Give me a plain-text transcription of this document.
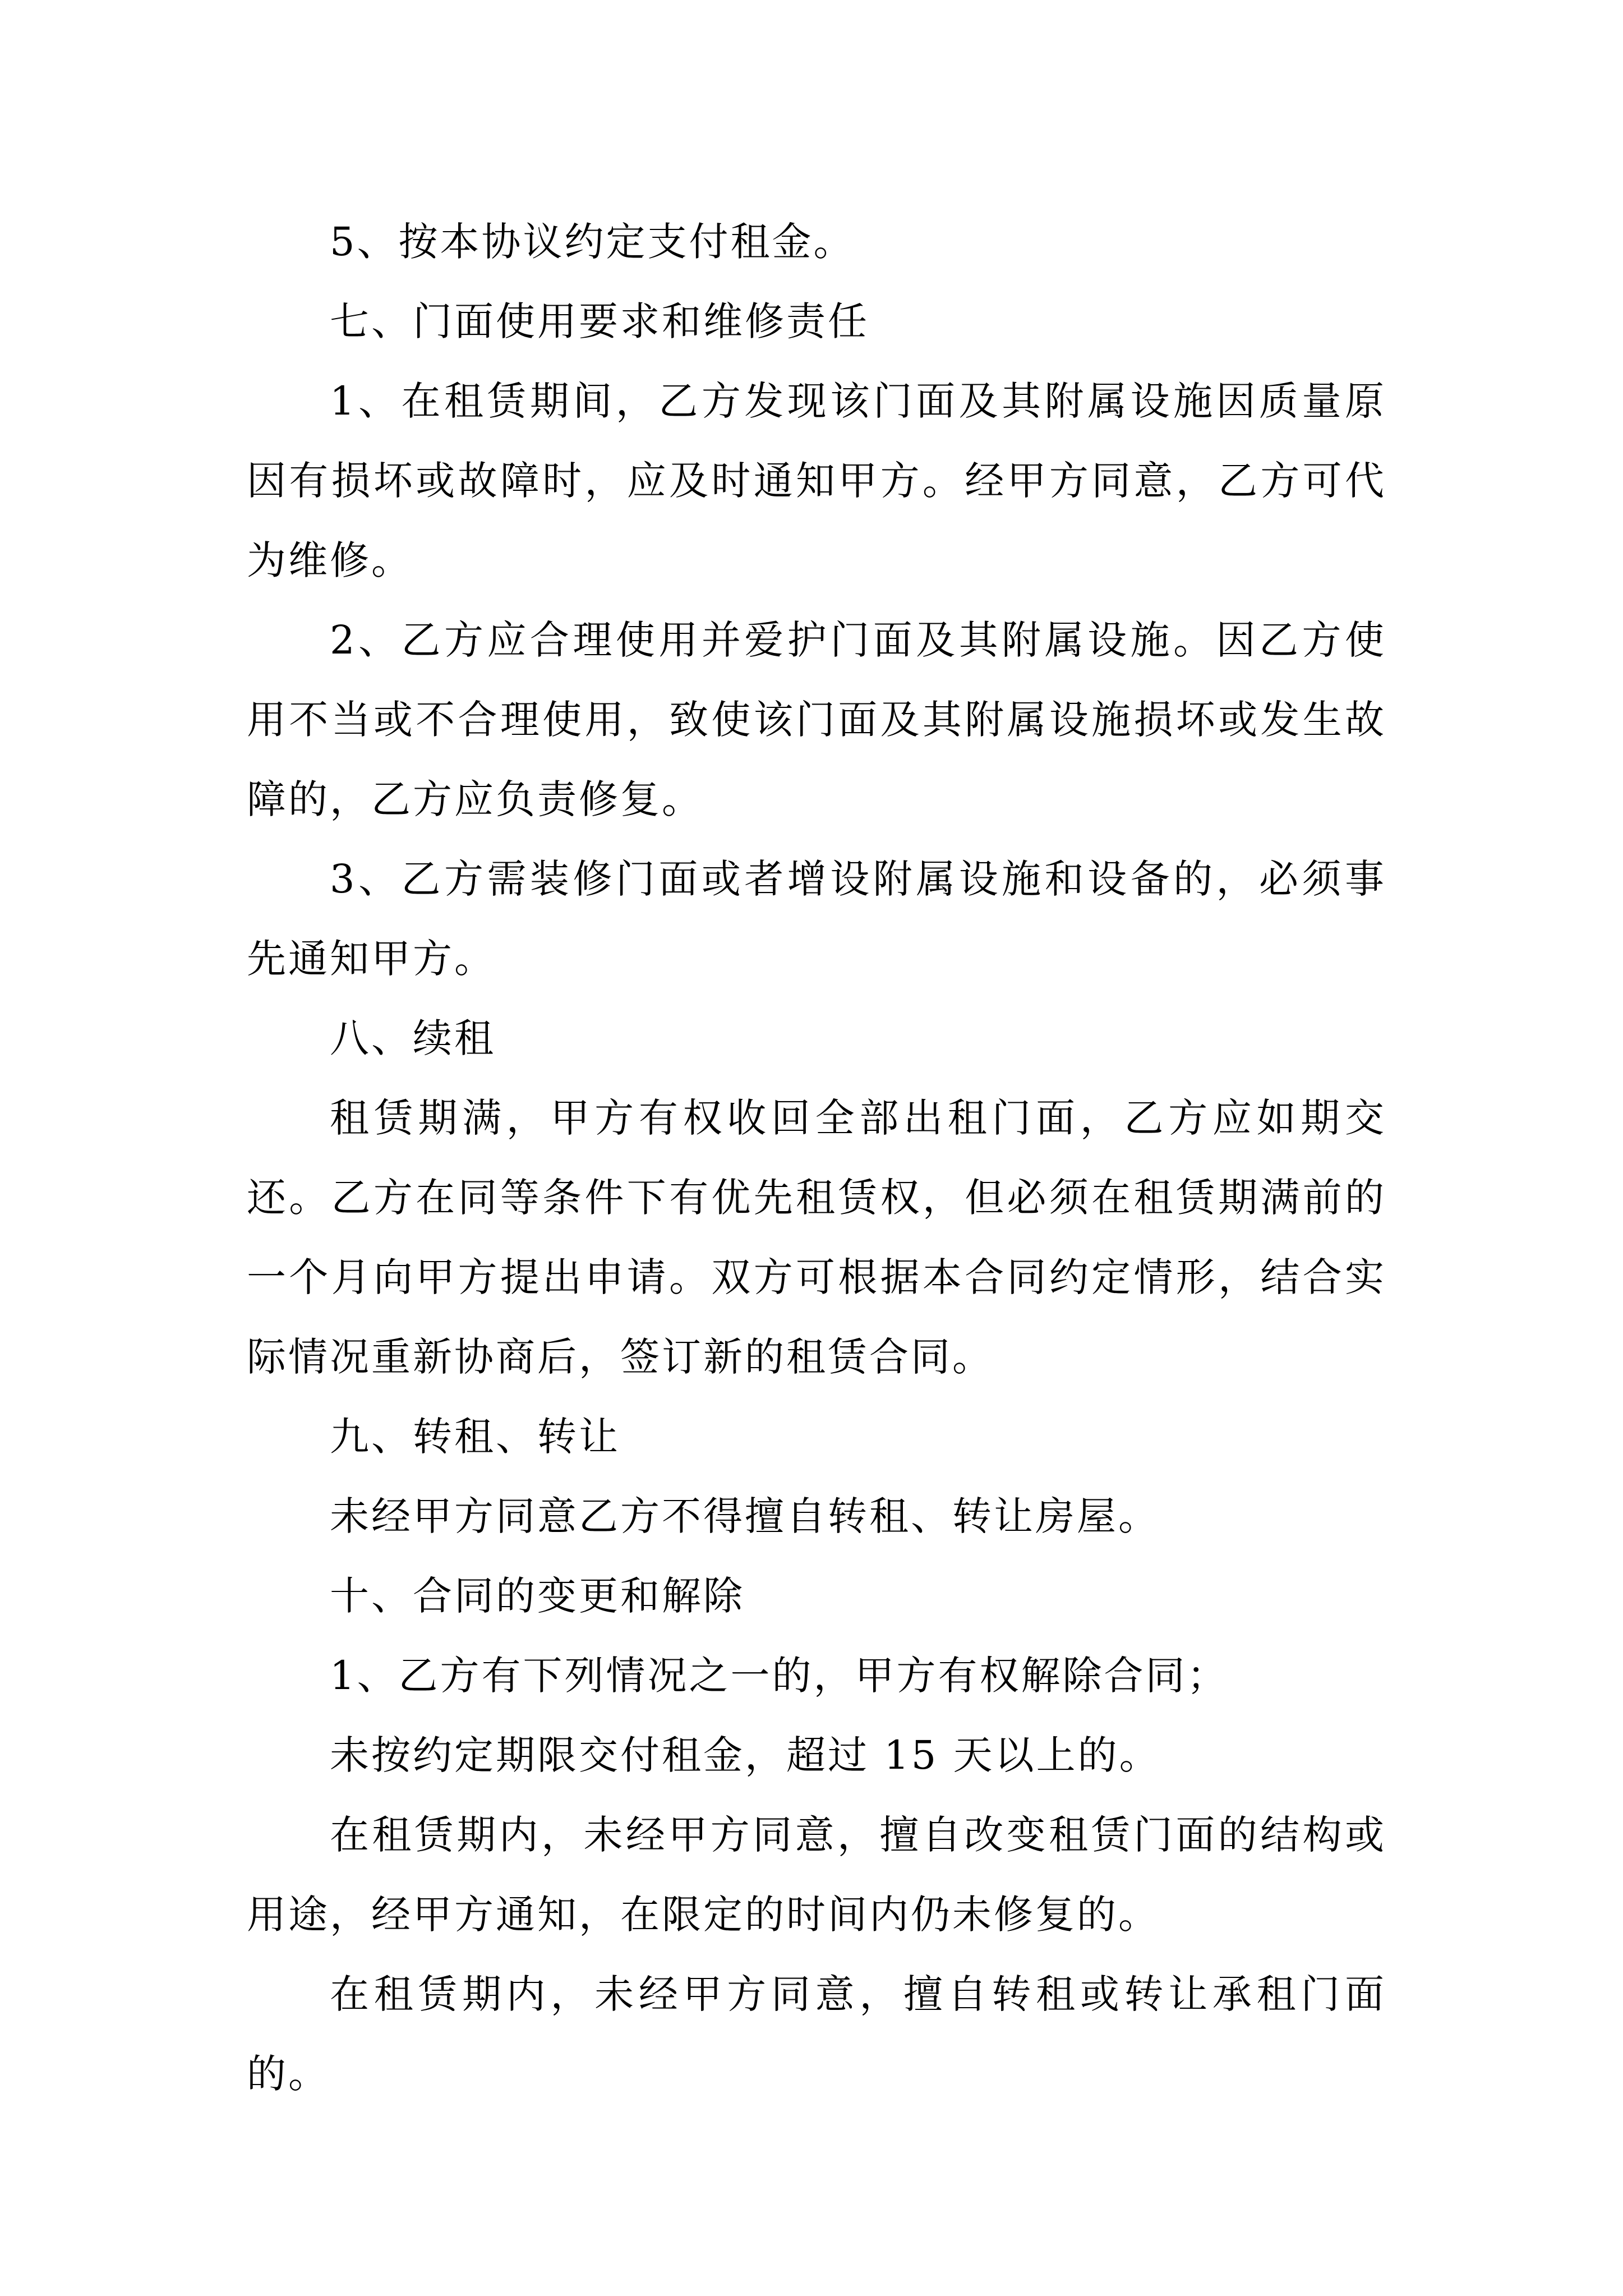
5、按本协议约定支付租金。

七、门面使用要求和维修责任

1、在租赁期间，乙方发现该门面及其附属设施因质量原因有损坏或故障时，应及时通知甲方。经甲方同意，乙方可代为维修。

2、乙方应合理使用并爱护门面及其附属设施。因乙方使用不当或不合理使用，致使该门面及其附属设施损坏或发生故障的，乙方应负责修复。

3、乙方需装修门面或者增设附属设施和设备的，必须事先通知甲方。

八、续租

租赁期满，甲方有权收回全部出租门面，乙方应如期交还。乙方在同等条件下有优先租赁权，但必须在租赁期满前的一个月向甲方提出申请。双方可根据本合同约定情形，结合实际情况重新协商后，签订新的租赁合同。

九、转租、转让

未经甲方同意乙方不得擅自转租、转让房屋。

十、合同的变更和解除

1、乙方有下列情况之一的，甲方有权解除合同；

未按约定期限交付租金，超过 15 天以上的。

在租赁期内，未经甲方同意，擅自改变租赁门面的结构或用途，经甲方通知，在限定的时间内仍未修复的。

在租赁期内，未经甲方同意，擅自转租或转让承租门面的。
